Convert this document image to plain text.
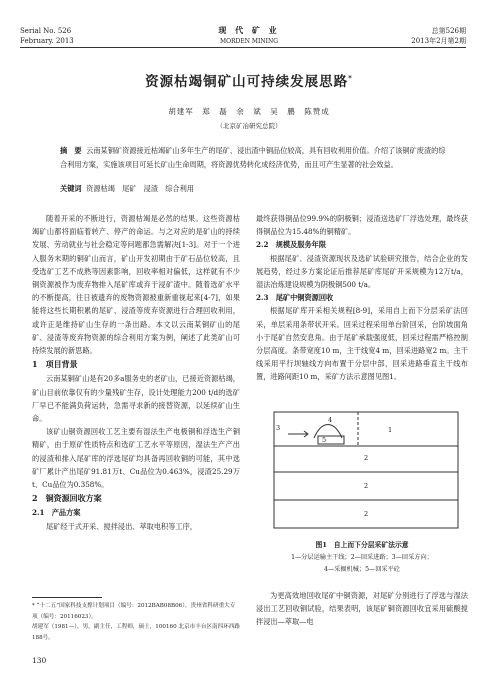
Serial No. 526
February. 2013
现 代 矿 业
MORDEN MINING
总第526期
2013年2月第2期
资源枯竭铜矿山可持续发展思路*
胡建军　郑　磊　余　斌　吴　鹏　陈赞成
（北京矿冶研究总院）
摘　要 云南某铜矿资源接近枯竭矿山多年生产的尾矿、浸出渣中铜品位较高，具有回收利用价值。介绍了该铜矿废渣的综合利用方案，实施该项目可延长矿山生命周期，将资源优势转化成经济优势，而且可产生显著的社会效益。
关键词 资源枯竭　尾矿　浸渣　综合利用

随着开采的不断进行，资源枯竭是必然的结果。这些资源枯竭矿山都将面临着转产、停产的命运。与之对应的是矿山的持续发展、劳动就业与社会稳定等问题都急需解决[1-3]。对于一个进入服务末期的铜矿山而言，矿山开发初期由于矿石品位较高，且受选矿工艺不成熟等因素影响，回收率相对偏低，这样就有不少铜资源被作为废弃物排入尾矿库或弃于浸矿渣中。随着选矿水平的不断提高，往日被遗弃的废物资源被重新重视起来[4-7]，如果能将这些长期积累的尾矿、浸渣等废弃资源进行合理回收利用，或许正是维持矿山生存的一条出路。本文以云南某铜矿山的尾矿、浸渣等废弃物资源的综合利用方案为例，阐述了此类矿山可持续发展的新思路。

1　项目背景

云南某铜矿山是有20多a服务史的老矿山，已接近资源枯竭，矿山目前依靠仅有的少量残矿生存，设计处理能力200 t/d的选矿厂早已不能满负荷运转，急需寻求新的接替资源，以延续矿山生命。

该矿山铜资源回收工艺主要有湿法生产电极铜和浮选生产铜精矿，由于原矿性质特点和选矿工艺水平等原因，湿法生产产出的浸渣和排入尾矿库的浮选尾矿均具备再回收铜的可能，其中选矿厂累计产出尾矿91.81万t、Cu品位为0.463%，浸渣25.29万t、Cu品位为0.358%。

2　铜资源回收方案
2.1　产品方案

尾矿经干式开采、搅拌浸出、萃取电积等工序，

* “十二五”国家科技支撑计划项目（编号：2012BAB08B06），贵州省科研重大专项（编号：20116023）。
胡建军（1981—），男，副主任，工程师，硕士，100160 北京市丰台区南四环西路188号。
130

最终获得铜品位99.9%的阴极铜；浸渣送选矿厂浮选处理，最终获得铜品位为15.48%的铜精矿。

2.2　规模及服务年限

根据尾矿、浸渣资源现状及选矿试验研究报告，结合企业的发展趋势，经过多方案论证后推荐尾矿库尾矿开采规模为12万t/a，湿法冶炼建设规模为阴极铜500 t/a。

2.3　尾矿中铜资源回收

根据尾矿库开采相关规程[8-9]，采用自上而下分层采矿法回采，单层采用条带状开采。回采过程采用单台阶回采，台阶坡面角小于尾矿自然安息角。由于尾矿承载强度低，回采过程需严格控制分层高度。条带宽度10 m，主干线宽4 m，回采进路宽2 m。主干线采用平行坝轴线方向布置于分层中部，回采进路垂直主干线布置，进路间距10 m，采矿方法示意图见图1。

3
4
5
1
2
2
2
图1　自上而下分层采矿法示意
1—分层运输主干线；2—回采进路；3—回采方向；
4—采掘机械；5—回采平砼

为更高效地回收尾矿中铜资源，对尾矿分别进行了浮选与湿法浸出工艺回收铜试验，结果表明，该尾矿铜资源回收宜采用硫酸搅拌浸出—萃取—电
